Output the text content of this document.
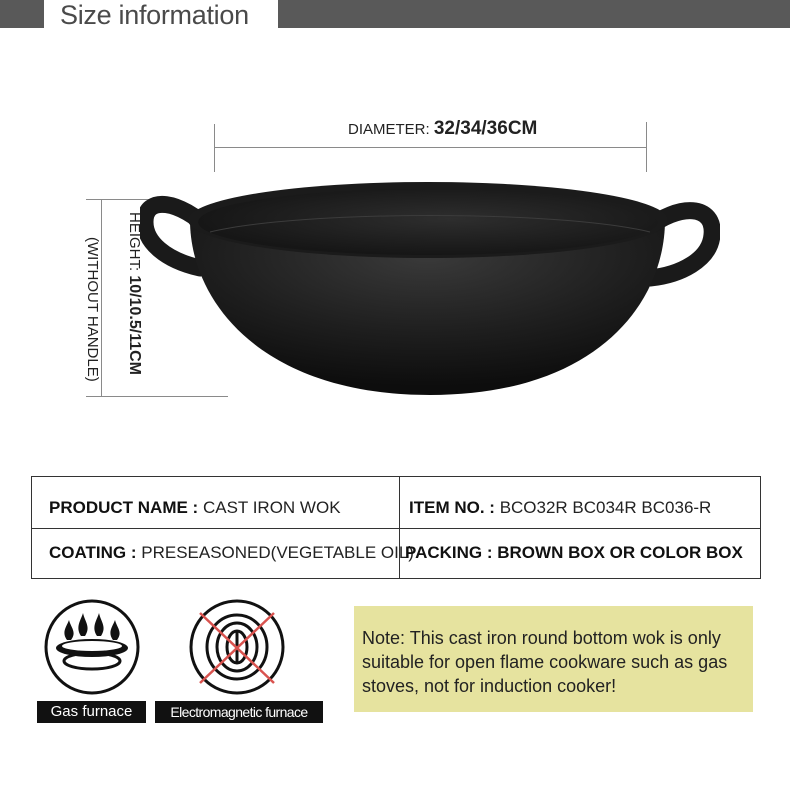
Size information
DIAMETER: 32/34/36CM
HEIGHT: 10/10.5/11CM
(WITHOUT HANDLE)
PRODUCT NAME : CAST IRON WOK	ITEM NO. : BCO32R BC034R BC036-R
COATING : PRESEASONED(VEGETABLE OIL)
PACKING : BROWN BOX OR COLOR BOX
Gas furnace	Electromagnetic furnace
Note: This cast iron round bottom wok is only suitable for open flame cookware such as gas stoves, not for induction cooker!
